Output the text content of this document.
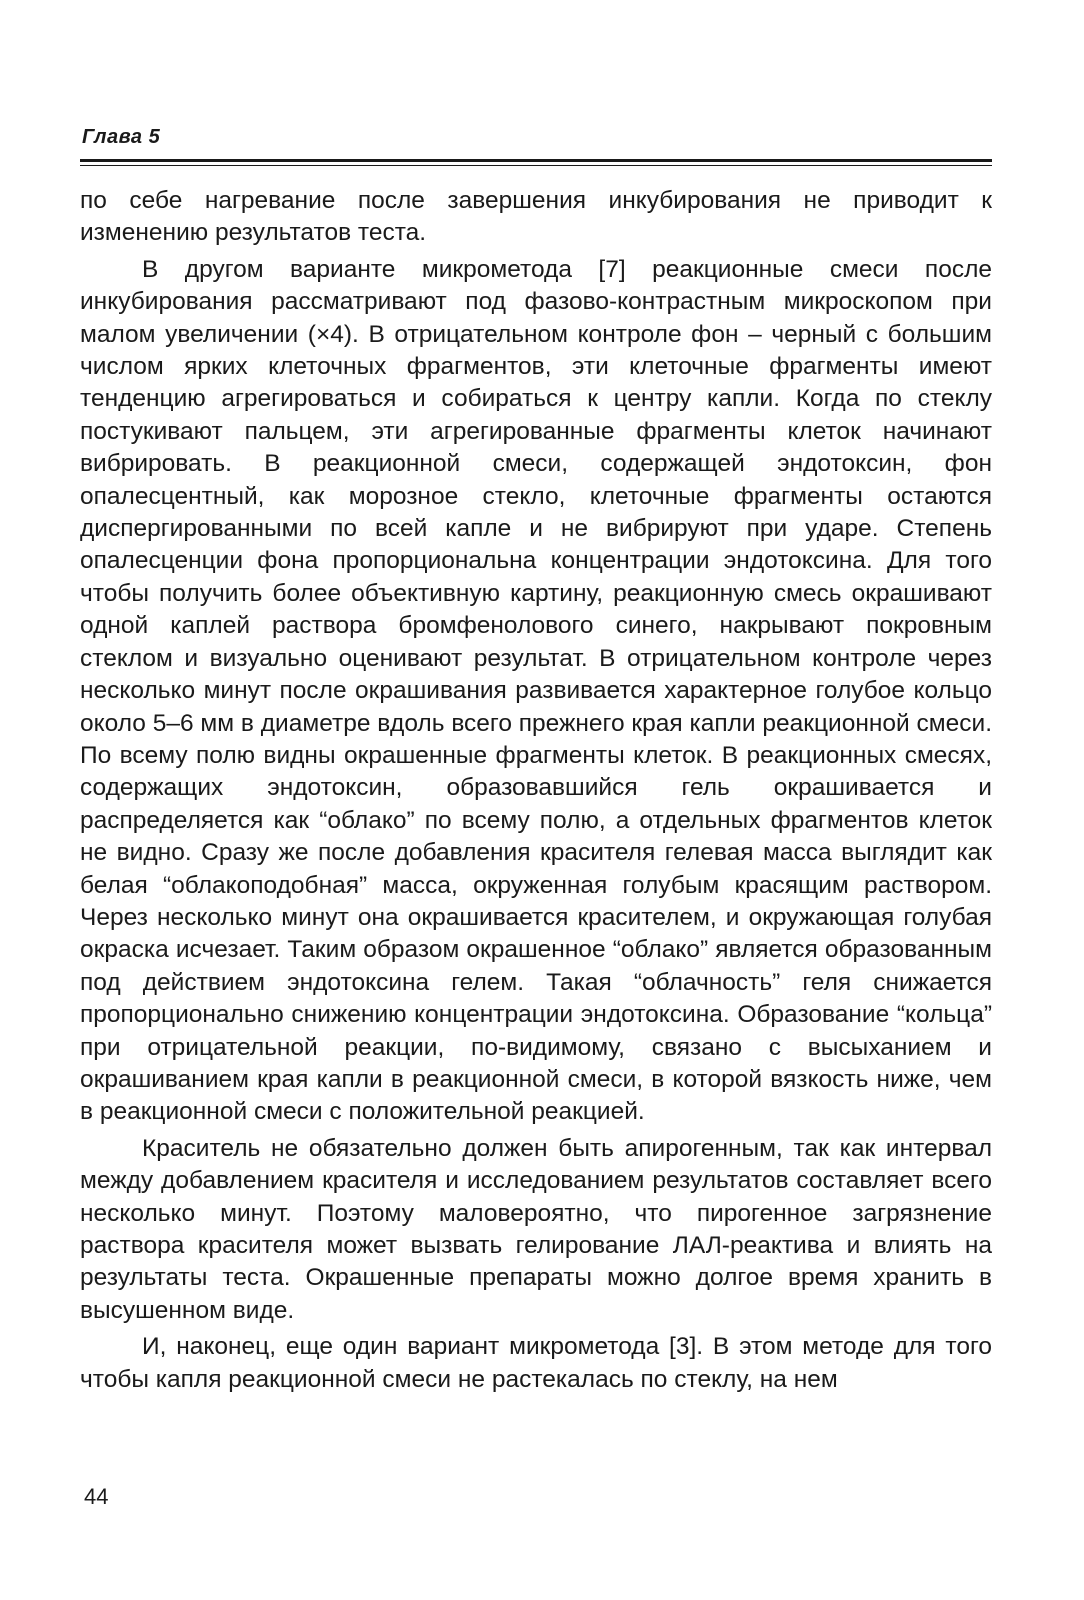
Глава 5

по себе нагревание после завершения инкубирования не приводит к изменению результатов теста.

В другом варианте микрометода [7] реакционные смеси после инкубирования рассматривают под фазово-контрастным микроскопом при малом увеличении (×4). В отрицательном контроле фон – черный с большим числом ярких клеточных фрагментов, эти клеточные фрагменты имеют тенденцию агрегироваться и собираться к центру капли. Когда по стеклу постукивают пальцем, эти агрегированные фрагменты клеток начинают вибрировать. В реакционной смеси, содержащей эндотоксин, фон опалесцентный, как морозное стекло, клеточные фрагменты остаются диспергированными по всей капле и не вибрируют при ударе. Степень опалесценции фона пропорциональна концентрации эндотоксина. Для того чтобы получить более объективную картину, реакционную смесь окрашивают одной каплей раствора бромфенолового синего, накрывают покровным стеклом и визуально оценивают результат. В отрицательном контроле через несколько минут после окрашивания развивается характерное голубое кольцо около 5–6 мм в диаметре вдоль всего прежнего края капли реакционной смеси. По всему полю видны окрашенные фрагменты клеток. В реакционных смесях, содержащих эндотоксин, образовавшийся гель окрашивается и распределяется как “облако” по всему полю, а отдельных фрагментов клеток не видно. Сразу же после добавления красителя гелевая масса выглядит как белая “облакоподобная” масса, окруженная голубым красящим раствором. Через несколько минут она окрашивается красителем, и окружающая голубая окраска исчезает. Таким образом окрашенное “облако” является образованным под действием эндотоксина гелем. Такая “облачность” геля снижается пропорционально снижению концентрации эндотоксина. Образование “кольца” при отрицательной реакции, по-видимому, связано с высыханием и окрашиванием края капли в реакционной смеси, в которой вязкость ниже, чем в реакционной смеси с положительной реакцией.

Краситель не обязательно должен быть апирогенным, так как интервал между добавлением красителя и исследованием результатов составляет всего несколько минут. Поэтому маловероятно, что пирогенное загрязнение раствора красителя может вызвать гелирование ЛАЛ-реактива и влиять на результаты теста. Окрашенные препараты можно долгое время хранить в высушенном виде.

И, наконец, еще один вариант микрометода [3]. В этом методе для того чтобы капля реакционной смеси не растекалась по стеклу, на нем

44
